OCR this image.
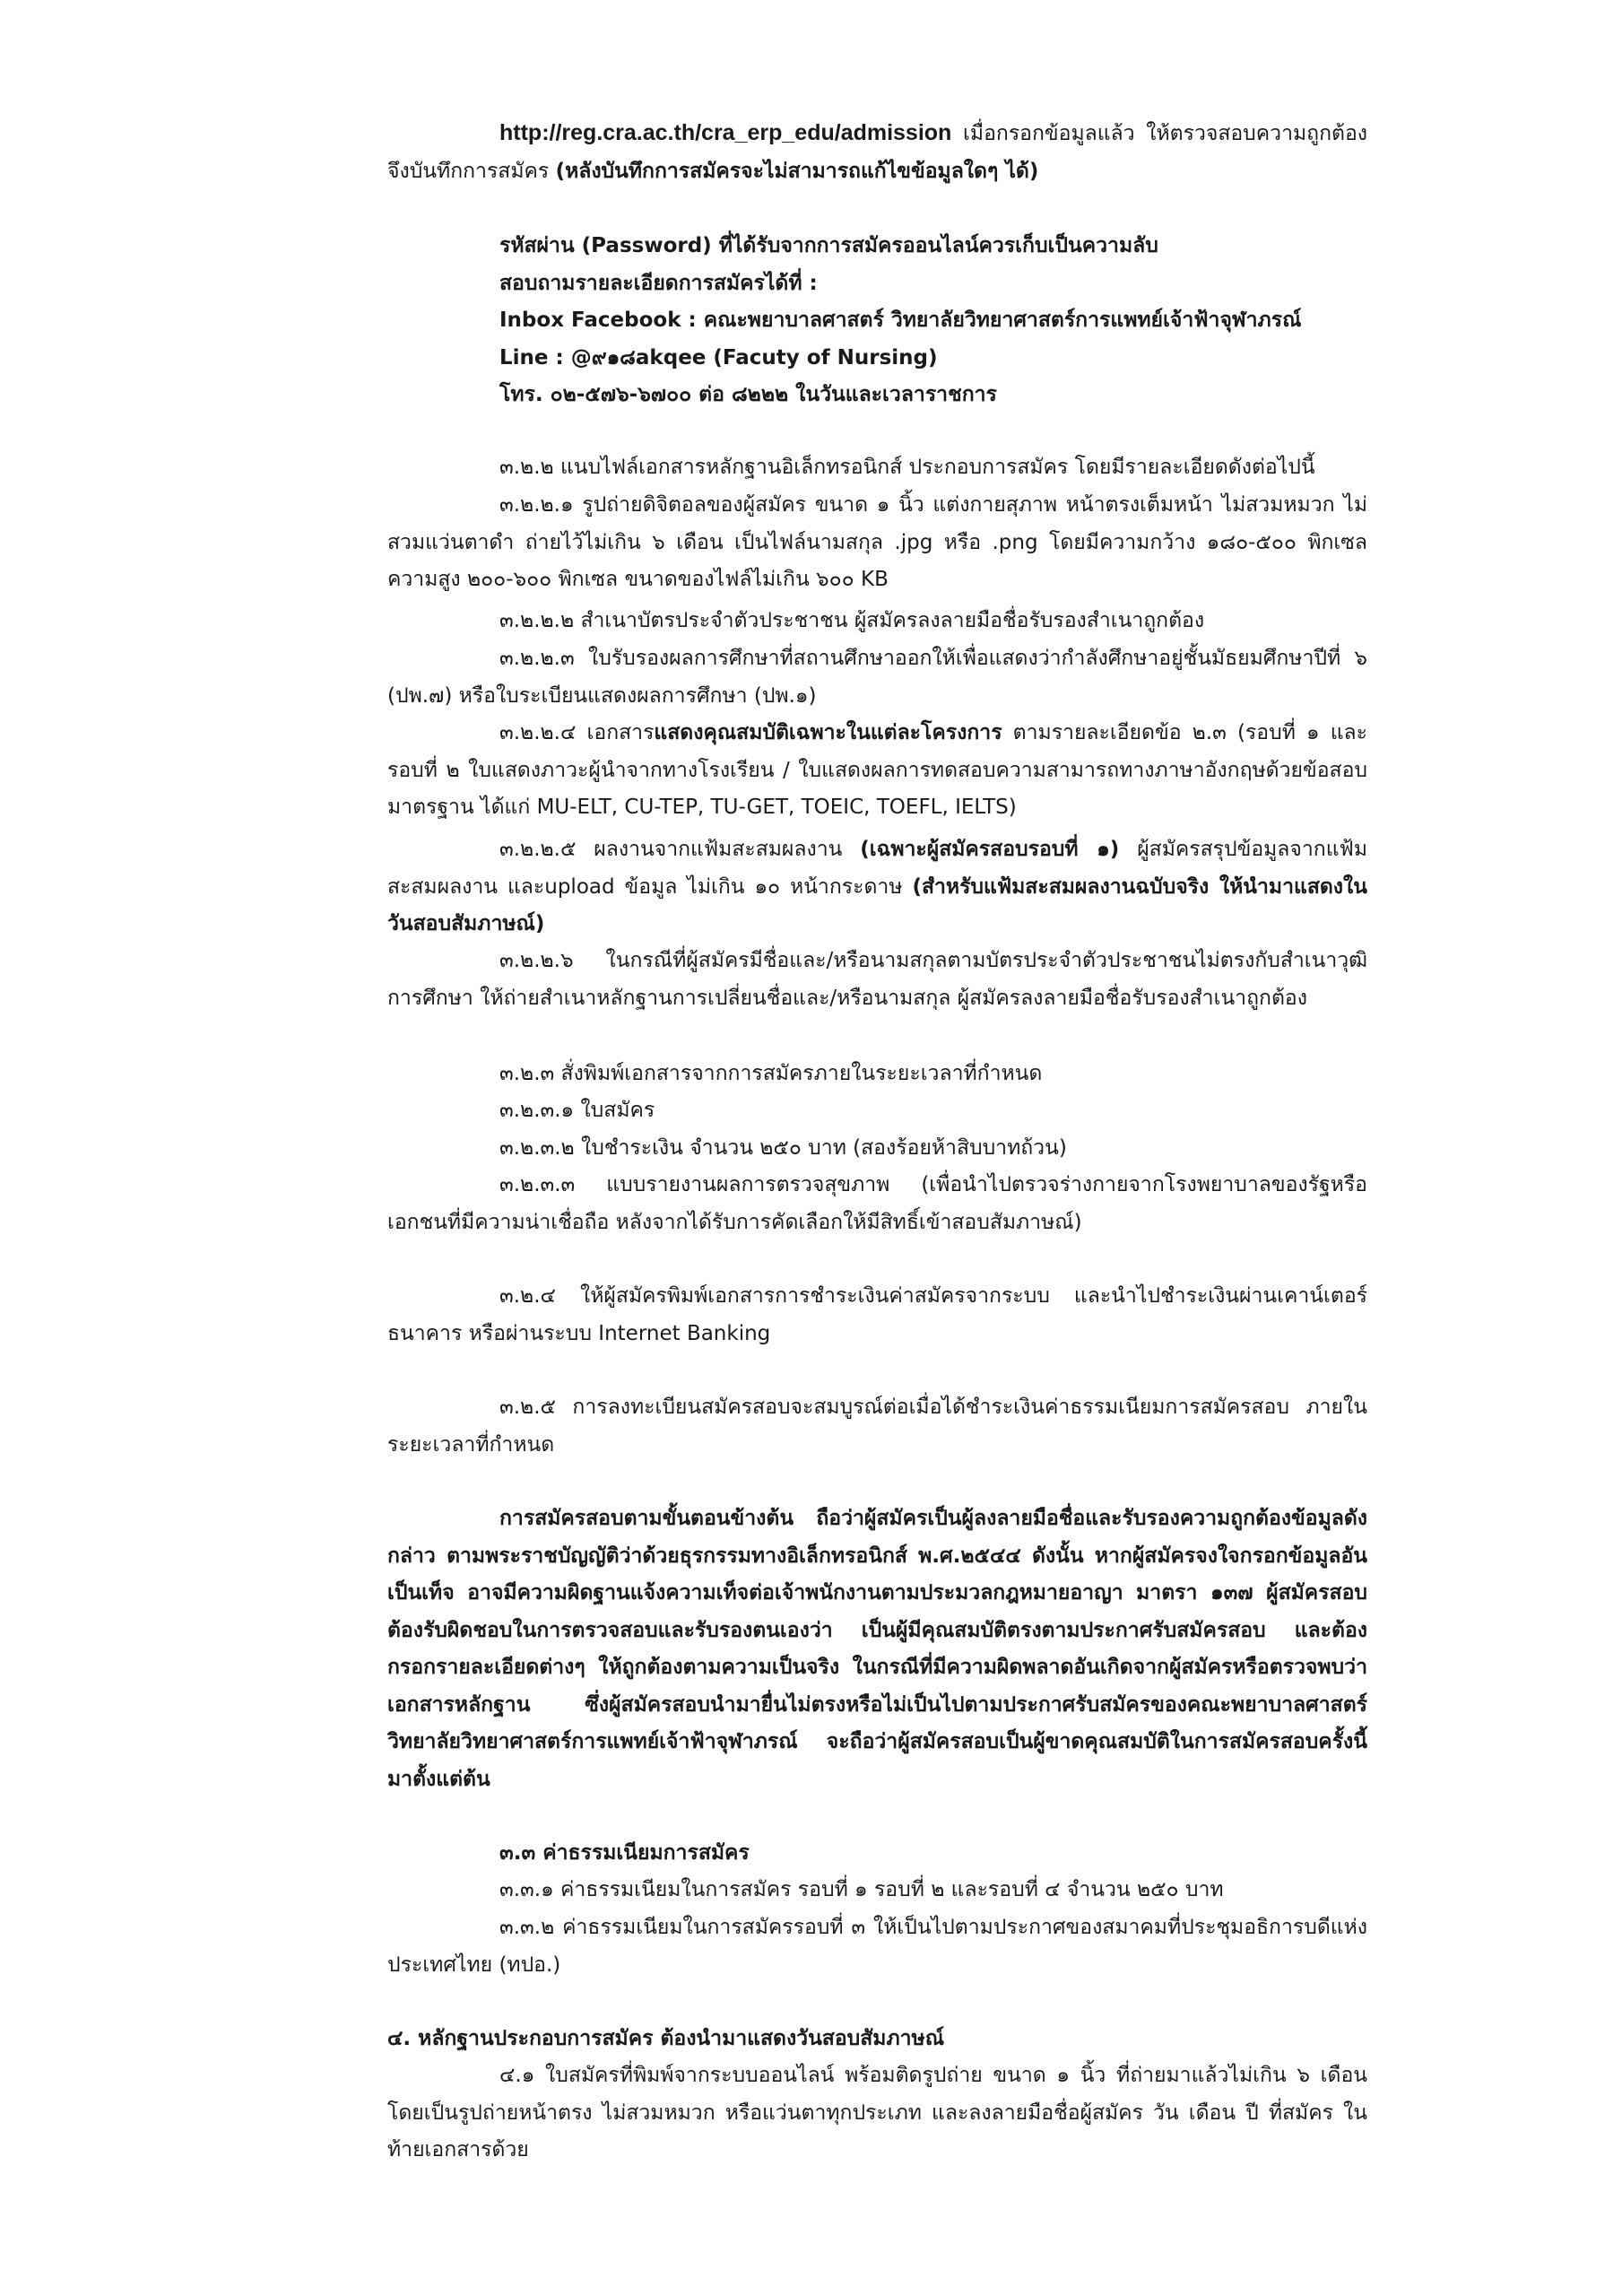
http://reg.cra.ac.th/cra_erp_edu/admission เมื่อกรอกข้อมูลแล้ว ให้ตรวจสอบความถูกต้องจึงบันทึกการสมัคร (หลังบันทึกการสมัครจะไม่สามารถแก้ไขข้อมูลใดๆ ได้)

รหัสผ่าน (Password) ที่ได้รับจากการสมัครออนไลน์ควรเก็บเป็นความลับ
สอบถามรายละเอียดการสมัครได้ที่ :
Inbox Facebook : คณะพยาบาลศาสตร์ วิทยาลัยวิทยาศาสตร์การแพทย์เจ้าฟ้าจุฬาภรณ์
Line : @๙๑๘akqee (Facuty of Nursing)
โทร. ๐๒-๕๗๖-๖๗๐๐ ต่อ ๘๒๒๒ ในวันและเวลาราชการ

๓.๒.๒ แนบไฟล์เอกสารหลักฐานอิเล็กทรอนิกส์ ประกอบการสมัคร โดยมีรายละเอียดดังต่อไปนี้

๓.๒.๒.๑ รูปถ่ายดิจิตอลของผู้สมัคร ขนาด ๑ นิ้ว แต่งกายสุภาพ หน้าตรงเต็มหน้า ไม่สวมหมวก ไม่สวมแว่นตาดำ ถ่ายไว้ไม่เกิน ๖ เดือน เป็นไฟล์นามสกุล .jpg หรือ .png โดยมีความกว้าง ๑๘๐-๕๐๐ พิกเซล ความสูง ๒๐๐-๖๐๐ พิกเซล ขนาดของไฟล์ไม่เกิน ๖๐๐ KB

๓.๒.๒.๒ สำเนาบัตรประจำตัวประชาชน ผู้สมัครลงลายมือชื่อรับรองสำเนาถูกต้อง

๓.๒.๒.๓ ใบรับรองผลการศึกษาที่สถานศึกษาออกให้เพื่อแสดงว่ากำลังศึกษาอยู่ชั้นมัธยมศึกษาปีที่ ๖ (ปพ.๗) หรือใบระเบียนแสดงผลการศึกษา (ปพ.๑)

๓.๒.๒.๔ เอกสารแสดงคุณสมบัติเฉพาะในแต่ละโครงการ ตามรายละเอียดข้อ ๒.๓ (รอบที่ ๑ และ รอบที่ ๒ ใบแสดงภาวะผู้นำจากทางโรงเรียน / ใบแสดงผลการทดสอบความสามารถทางภาษาอังกฤษด้วยข้อสอบมาตรฐาน ได้แก่ MU-ELT, CU-TEP, TU-GET, TOEIC, TOEFL, IELTS)

๓.๒.๒.๕ ผลงานจากแฟ้มสะสมผลงาน (เฉพาะผู้สมัครสอบรอบที่ ๑) ผู้สมัครสรุปข้อมูลจากแฟ้มสะสมผลงาน และupload ข้อมูล ไม่เกิน ๑๐ หน้ากระดาษ (สำหรับแฟ้มสะสมผลงานฉบับจริง ให้นำมาแสดงในวันสอบสัมภาษณ์)

๓.๒.๒.๖ ในกรณีที่ผู้สมัครมีชื่อและ/หรือนามสกุลตามบัตรประจำตัวประชาชนไม่ตรงกับสำเนาวุฒิการศึกษา ให้ถ่ายสำเนาหลักฐานการเปลี่ยนชื่อและ/หรือนามสกุล ผู้สมัครลงลายมือชื่อรับรองสำเนาถูกต้อง

๓.๒.๓ สั่งพิมพ์เอกสารจากการสมัครภายในระยะเวลาที่กำหนด

๓.๒.๓.๑ ใบสมัคร

๓.๒.๓.๒ ใบชำระเงิน จำนวน ๒๕๐ บาท (สองร้อยห้าสิบบาทถ้วน)

๓.๒.๓.๓ แบบรายงานผลการตรวจสุขภาพ (เพื่อนำไปตรวจร่างกายจากโรงพยาบาลของรัฐหรือเอกชนที่มีความน่าเชื่อถือ หลังจากได้รับการคัดเลือกให้มีสิทธิ์เข้าสอบสัมภาษณ์)

๓.๒.๔ ให้ผู้สมัครพิมพ์เอกสารการชำระเงินค่าสมัครจากระบบ และนำไปชำระเงินผ่านเคาน์เตอร์ธนาคาร หรือผ่านระบบ Internet Banking

๓.๒.๕ การลงทะเบียนสมัครสอบจะสมบูรณ์ต่อเมื่อได้ชำระเงินค่าธรรมเนียมการสมัครสอบ ภายในระยะเวลาที่กำหนด

การสมัครสอบตามขั้นตอนข้างต้น ถือว่าผู้สมัครเป็นผู้ลงลายมือชื่อและรับรองความถูกต้องข้อมูลดังกล่าว ตามพระราชบัญญัติว่าด้วยธุรกรรมทางอิเล็กทรอนิกส์ พ.ศ.๒๕๔๔ ดังนั้น หากผู้สมัครจงใจกรอกข้อมูลอันเป็นเท็จ อาจมีความผิดฐานแจ้งความเท็จต่อเจ้าพนักงานตามประมวลกฎหมายอาญา มาตรา ๑๓๗ ผู้สมัครสอบต้องรับผิดชอบในการตรวจสอบและรับรองตนเองว่า เป็นผู้มีคุณสมบัติตรงตามประกาศรับสมัครสอบ และต้องกรอกรายละเอียดต่างๆ ให้ถูกต้องตามความเป็นจริง ในกรณีที่มีความผิดพลาดอันเกิดจากผู้สมัครหรือตรวจพบว่า เอกสารหลักฐาน ซึ่งผู้สมัครสอบนำมายื่นไม่ตรงหรือไม่เป็นไปตามประกาศรับสมัครของคณะพยาบาลศาสตร์ วิทยาลัยวิทยาศาสตร์การแพทย์เจ้าฟ้าจุฬาภรณ์ จะถือว่าผู้สมัครสอบเป็นผู้ขาดคุณสมบัติในการสมัครสอบครั้งนี้มาตั้งแต่ต้น

๓.๓ ค่าธรรมเนียมการสมัคร

๓.๓.๑ ค่าธรรมเนียมในการสมัคร รอบที่ ๑ รอบที่ ๒ และรอบที่ ๔ จำนวน ๒๕๐ บาท

๓.๓.๒ ค่าธรรมเนียมในการสมัครรอบที่ ๓ ให้เป็นไปตามประกาศของสมาคมที่ประชุมอธิการบดีแห่งประเทศไทย (ทปอ.)

๔. หลักฐานประกอบการสมัคร ต้องนำมาแสดงวันสอบสัมภาษณ์

๔.๑ ใบสมัครที่พิมพ์จากระบบออนไลน์ พร้อมติดรูปถ่าย ขนาด ๑ นิ้ว ที่ถ่ายมาแล้วไม่เกิน ๖ เดือน โดยเป็นรูปถ่ายหน้าตรง ไม่สวมหมวก หรือแว่นตาทุกประเภท และลงลายมือชื่อผู้สมัคร วัน เดือน ปี ที่สมัคร ในท้ายเอกสารด้วย
